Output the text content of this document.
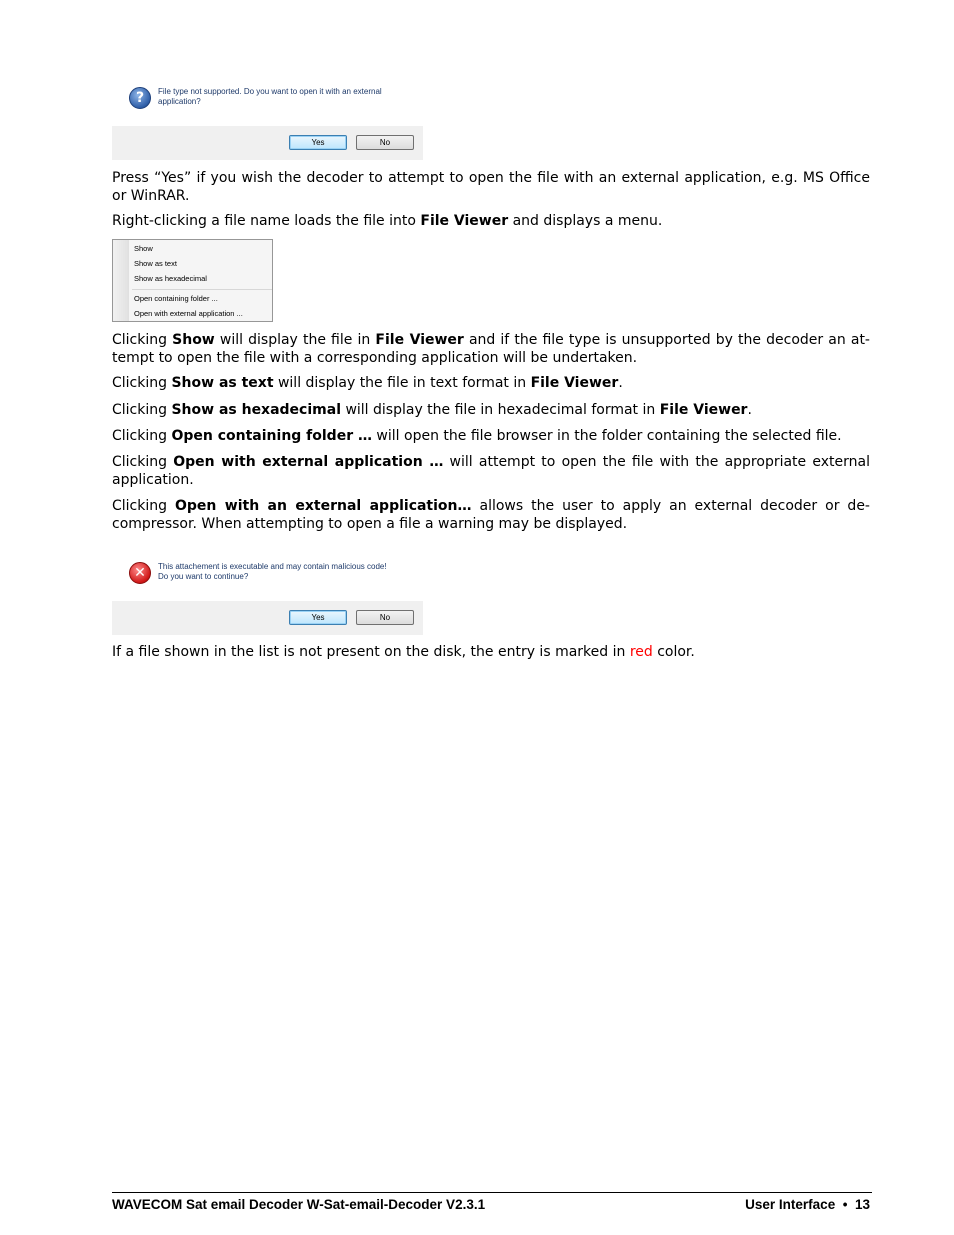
?	File type not supported. Do you want to open it with an external application?
Yes	No

Press “Yes” if you wish the decoder to attempt to open the file with an external application, e.g. MS Office or WinRAR.

Right-clicking a file name loads the file into File Viewer and displays a menu.

Show
Show as text
Show as hexadecimal
Open containing folder ...
Open with external application ...

Clicking Show will display the file in File Viewer and if the file type is unsupported by the decoder an at-tempt to open the file with a corresponding application will be undertaken.

Clicking Show as text will display the file in text format in File Viewer.

Clicking Show as hexadecimal will display the file in hexadecimal format in File Viewer.

Clicking Open containing folder … will open the file browser in the folder containing the selected file.

Clicking Open with external application … will attempt to open the file with the appropriate external application.

Clicking Open with an external application… allows the user to apply an external decoder or de-compressor. When attempting to open a file a warning may be displayed.

✕	This attachement is executable and may contain malicious code!
Do you want to continue?
Yes	No

If a file shown in the list is not present on the disk, the entry is marked in red color.

WAVECOM Sat email Decoder W-Sat-email-Decoder V2.3.1	User Interface • 13
